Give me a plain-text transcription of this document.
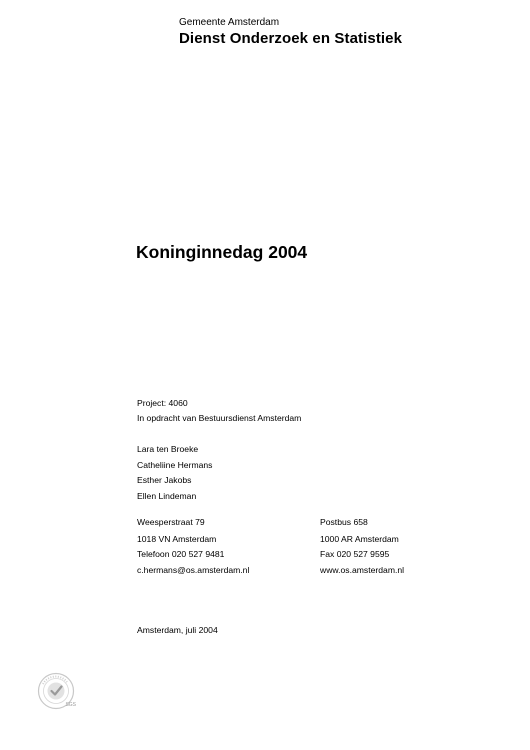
Gemeente Amsterdam
Dienst Onderzoek en Statistiek
Koninginnedag 2004
Project: 4060
In opdracht van Bestuursdienst Amsterdam
Lara ten Broeke
Catheliine Hermans
Esther Jakobs
Ellen Lindeman
Weesperstraat 79
1018 VN Amsterdam
Telefoon 020 527 9481
c.hermans@os.amsterdam.nl
Postbus 658
1000 AR Amsterdam
Fax 020 527 9595
www.os.amsterdam.nl
Amsterdam, juli 2004
SGS
